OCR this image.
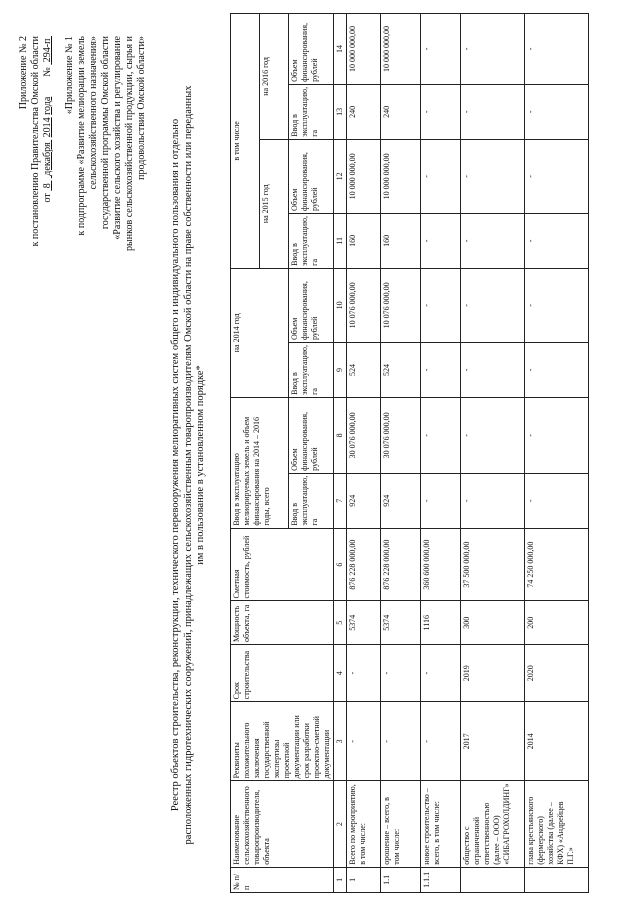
Приложение № 2 к постановлению Правительства Омской области от  8   декабря  2014 года        №  294-п «Приложение № 1 к подпрограмме «Развитие мелиорации земель сельскохозяйственного назначения» государственной программы Омской области «Развитие сельского хозяйства и регулирование рынков сельскохозяйственной продукции, сырья и продовольствия Омской области»
Реестр объектов строительства, реконструкции, технического перевооружения мелиоративных систем общего и индивидуального пользования и отдельно расположенных гидротехнических сооружений, принадлежащих сельскохозяйственным товаропроизводителям Омской области на праве собственности или переданных им в пользование в установленном порядке*
№ п/п	Наименование сельскохозяйственного товаропроизводителя, объекта	Реквизиты положительного заключения государственной экспертизы проектной документации или срок разработки проектно-сметной документации	Срок строительства	Мощность объекта, га	Сметная стоимость, рублей	Ввод в эксплуатацию мелиорируемых земель и объем финансирования на 2014 – 2016 годы, всего		на 2014 год		в том числе			
										на 2015 год		на 2016 год	
						Ввод в эксплуатацию, га	Объем финансирования, рублей	Ввод в эксплуатацию, га	Объем финансирования, рублей	Ввод в эксплуатацию, га	Объем финансирования, рублей	Ввод в эксплуатацию, га	Объем финансирования, рублей
1	2	3	4	5	6	7	8	9	10	11	12	13	14
1	Всего по мероприятию, в том числе:	-	-	5374	876 228 000,00	924	30 076 000,00	524	10 076 000,00	160	10 000 000,00	240	10 000 000,00
1.1	орошение – всего, в том числе:	-	-	5374	876 228 000,00	924	30 076 000,00	524	10 076 000,00	160	10 000 000,00	240	10 000 000,00
1.1.1	новое строительство – всего, в том числе:	-	-	1116	360 600 000,00	-	-	-	-	-	-	-	-
	общество с ограниченной ответственностью (далее – ООО) «СИБАГРОХОЛДИНГ»	2017	2019	300	37 500 000,00	-	-	-	-	-	-	-	-
	глава крестьянского (фермерского) хозяйства (далее – КФХ) «Андрейцев П.Г.»	2014	2020	200	74 250 000,00	-	-	-	-	-	-	-	-
